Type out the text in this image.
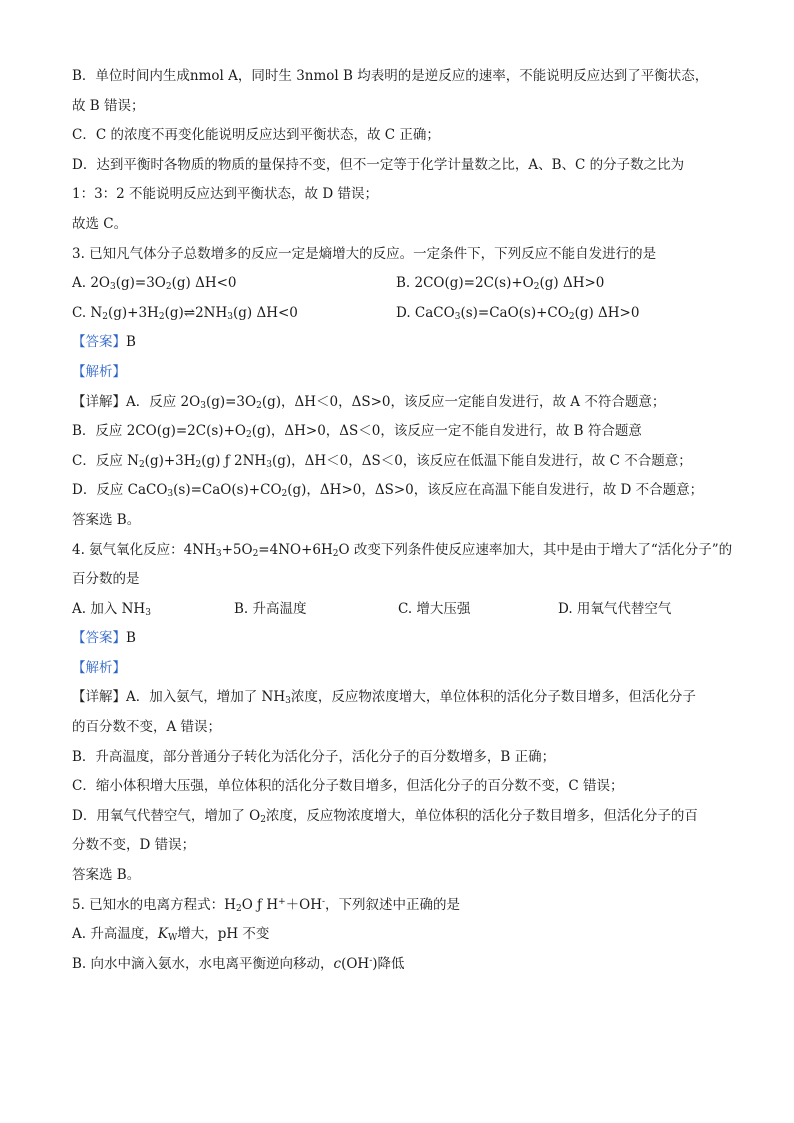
B．单位时间内生成nmol A，同时生 3nmol B 均表明的是逆反应的速率，不能说明反应达到了平衡状态，
故 B 错误；
C．C 的浓度不再变化能说明反应达到平衡状态，故 C 正确；
D．达到平衡时各物质的物质的量保持不变，但不一定等于化学计量数之比，A、B、C 的分子数之比为
1：3：2 不能说明反应达到平衡状态，故 D 错误；
故选 C。
3. 已知凡气体分子总数增多的反应一定是熵增大的反应。一定条件下，下列反应不能自发进行的是
A. $2O_3(g)=3O_2(g)$ ΔH<0	B. $2CO(g)=2C(s)+O_2(g)$ ΔH>0
C. $N_2(g)+3H_2(g)\rightleftharpoons 2NH_3(g)$ ΔH<0	D. $CaCO_3(s)=CaO(s)+CO_2(g)$ ΔH>0
【答案】B
【解析】
【详解】A．反应 $2O_3(g)=3O_2(g)$，ΔH＜0，ΔS>0，该反应一定能自发进行，故 A 不符合题意；
B．反应 $2CO(g)=2C(s)+O_2(g)$，ΔH>0，ΔS＜0，该反应一定不能自发进行，故 B 符合题意
C．反应 $N_2(g)+3H_2(g)$ ƒ $2NH_3(g)$，ΔH＜0，ΔS＜0，该反应在低温下能自发进行，故 C 不合题意；
D．反应 $CaCO_3(s)=CaO(s)+CO_2(g)$，ΔH>0，ΔS>0，该反应在高温下能自发进行，故 D 不合题意；
答案选 B。
4. 氨气氧化反应：$4NH_3+5O_2=4NO+6H_2O$ 改变下列条件使反应速率加大，其中是由于增大了“活化分子”的
百分数的是
A. 加入 $NH_3$	B. 升高温度	C. 增大压强	D. 用氧气代替空气
【答案】B
【解析】
【详解】A．加入氨气，增加了 $NH_3$浓度，反应物浓度增大，单位体积的活化分子数目增多，但活化分子
的百分数不变，A 错误；
B．升高温度，部分普通分子转化为活化分子，活化分子的百分数增多，B 正确；
C．缩小体积增大压强，单位体积的活化分子数目增多，但活化分子的百分数不变，C 错误；
D．用氧气代替空气，增加了 $O_2$浓度，反应物浓度增大，单位体积的活化分子数目增多，但活化分子的百
分数不变，D 错误；
答案选 B。
5. 已知水的电离方程式：$H_2O$ ƒ H+＋OH-，下列叙述中正确的是
A. 升高温度，$K_W$增大，pH 不变
B. 向水中滴入氨水，水电离平衡逆向移动，c(OH-)降低
